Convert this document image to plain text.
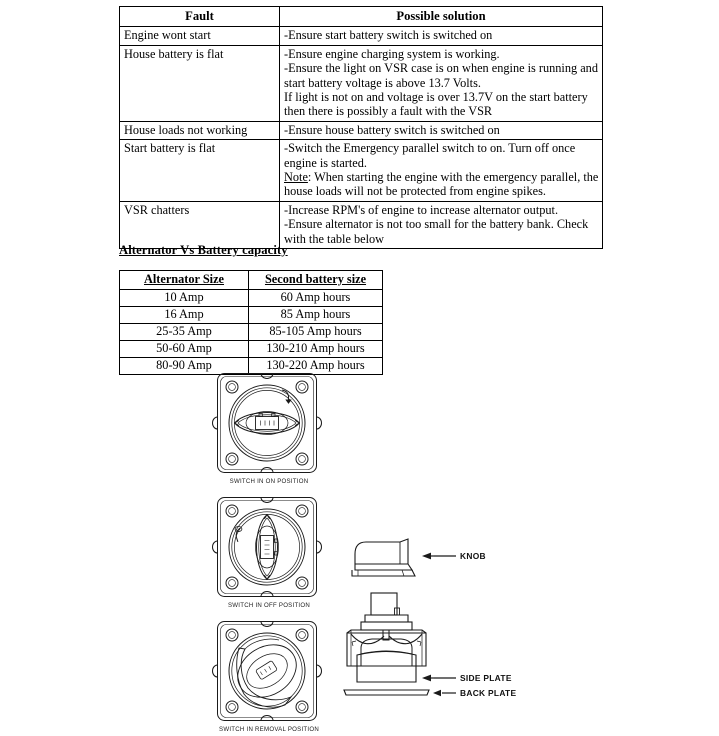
Fault	Possible solution
Engine wont start	-Ensure start battery switch is switched on

House battery is flat	-Ensure engine charging system is working.
-Ensure the light on VSR case is on when engine is running and
start battery voltage is above 13.7 Volts.
If light is not on and voltage is over 13.7V on the start battery
then there is possibly a fault with the VSR

House loads not working	-Ensure house battery switch is switched on

Start battery is flat	-Switch the Emergency parallel switch to on. Turn off once
engine is started.
Note: When starting the engine with the emergency parallel, the
house loads will not be protected from engine spikes.

VSR chatters	-Increase RPM's of engine to increase alternator output.
-Ensure alternator is not too small for the battery bank. Check
with the table below
Alternator Vs Battery capacity
Alternator Size	Second battery size
10 Amp	60 Amp hours
16 Amp	85 Amp hours
25-35 Amp	85-105 Amp hours
50-60 Amp	130-210 Amp hours
80-90 Amp	130-220 Amp hours
SWITCH IN ON POSITION
SWITCH IN OFF POSITION
SWITCH IN REMOVAL POSITION
KNOB
SIDE PLATE
BACK PLATE
